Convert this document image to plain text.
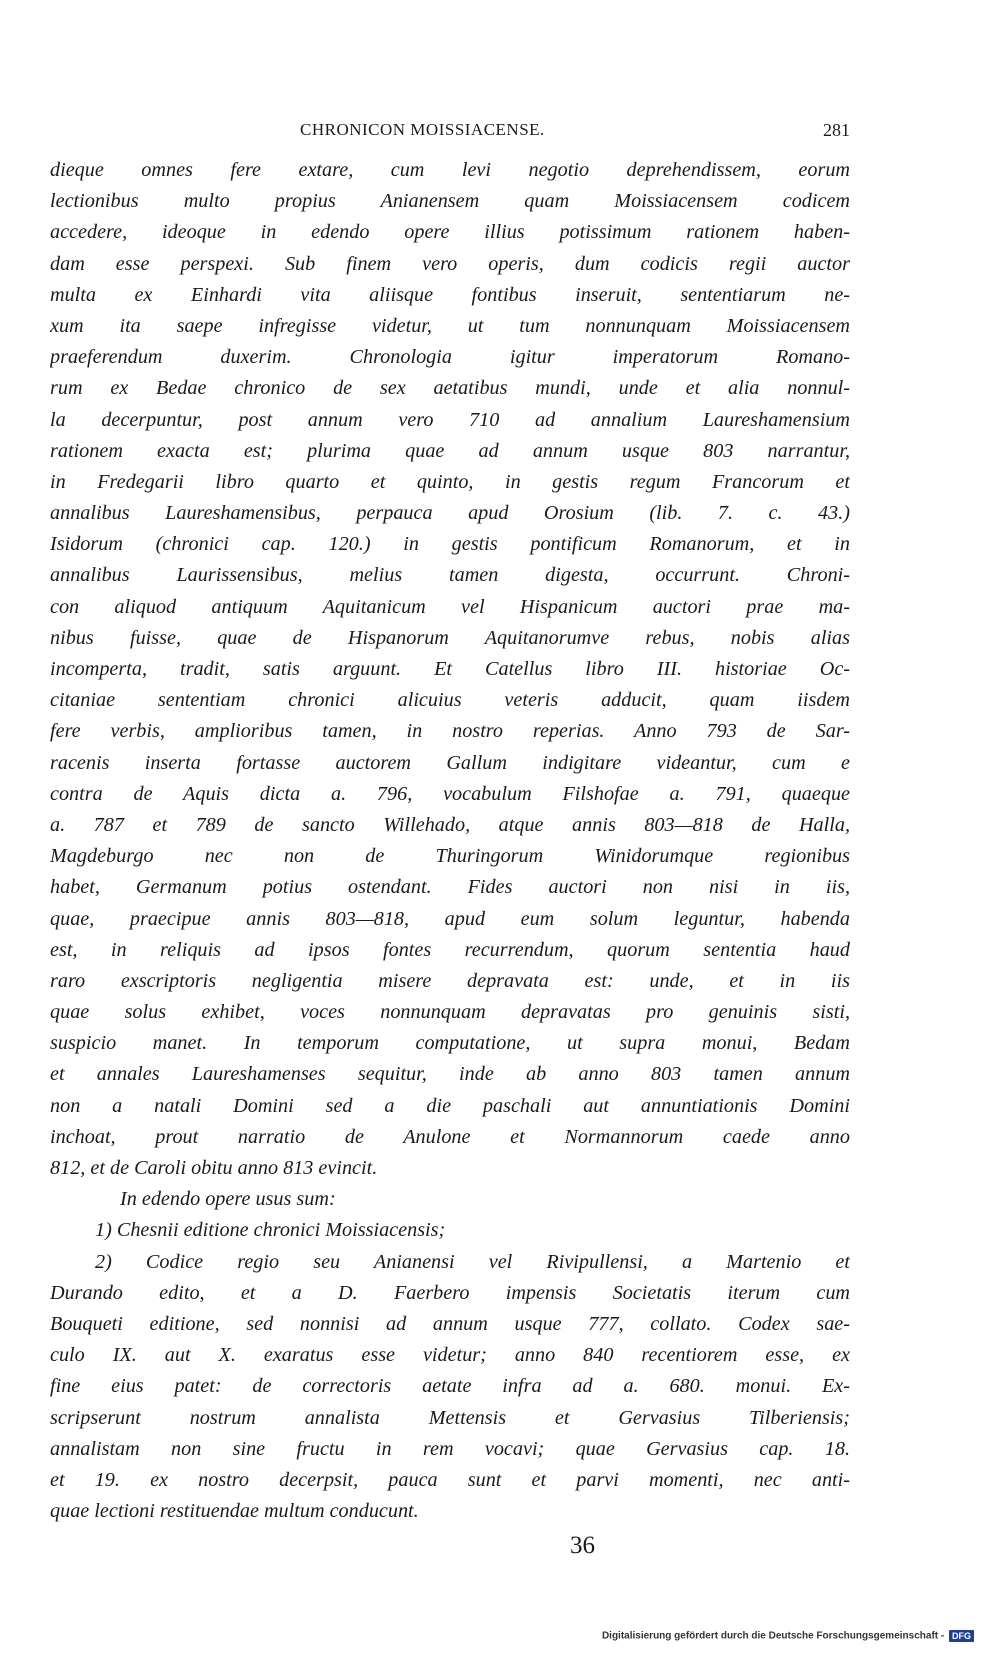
CHRONICON MOISSIACENSE.	281
dieque omnes fere extare, cum levi negotio deprehendissem, eorum
lectionibus multo propius Anianensem quam Moissiacensem codicem
accedere, ideoque in edendo opere illius potissimum rationem haben-
dam esse perspexi. Sub finem vero operis, dum codicis regii auctor
multa ex Einhardi vita aliisque fontibus inseruit, sententiarum ne-
xum ita saepe infregisse videtur, ut tum nonnunquam Moissiacensem
praeferendum duxerim. Chronologia igitur imperatorum Romano-
rum ex Bedae chronico de sex aetatibus mundi, unde et alia nonnul-
la decerpuntur, post annum vero 710 ad annalium Laureshamensium
rationem exacta est; plurima quae ad annum usque 803 narrantur,
in Fredegarii libro quarto et quinto, in gestis regum Francorum et
annalibus Laureshamensibus, perpauca apud Orosium (lib. 7. c. 43.)
Isidorum (chronici cap. 120.) in gestis pontificum Romanorum, et in
annalibus Laurissensibus, melius tamen digesta, occurrunt. Chroni-
con aliquod antiquum Aquitanicum vel Hispanicum auctori prae ma-
nibus fuisse, quae de Hispanorum Aquitanorumve rebus, nobis alias
incomperta, tradit, satis arguunt. Et Catellus libro III. historiae Oc-
citaniae sententiam chronici alicuius veteris adducit, quam iisdem
fere verbis, amplioribus tamen, in nostro reperias. Anno 793 de Sar-
racenis inserta fortasse auctorem Gallum indigitare videantur, cum e
contra de Aquis dicta a. 796, vocabulum Filshofae a. 791, quaeque
a. 787 et 789 de sancto Willehado, atque annis 803—818 de Halla,
Magdeburgo nec non de Thuringorum Winidorumque regionibus
habet, Germanum potius ostendant. Fides auctori non nisi in iis,
quae, praecipue annis 803—818, apud eum solum leguntur, habenda
est, in reliquis ad ipsos fontes recurrendum, quorum sententia haud
raro exscriptoris negligentia misere depravata est: unde, et in iis
quae solus exhibet, voces nonnunquam depravatas pro genuinis sisti,
suspicio manet. In temporum computatione, ut supra monui, Bedam
et annales Laureshamenses sequitur, inde ab anno 803 tamen annum
non a natali Domini sed a die paschali aut annuntiationis Domini
inchoat, prout narratio de Anulone et Normannorum caede anno
812, et de Caroli obitu anno 813 evincit.
In edendo opere usus sum:
1) Chesnii editione chronici Moissiacensis;
2) Codice regio seu Anianensi vel Rivipullensi, a Martenio et
Durando edito, et a D. Faerbero impensis Societatis iterum cum
Bouqueti editione, sed nonnisi ad annum usque 777, collato. Codex sae-
culo IX. aut X. exaratus esse videtur; anno 840 recentiorem esse, ex
fine eius patet: de correctoris aetate infra ad a. 680. monui. Ex-
scripserunt nostrum annalista Mettensis et Gervasius Tilberiensis;
annalistam non sine fructu in rem vocavi; quae Gervasius cap. 18.
et 19. ex nostro decerpsit, pauca sunt et parvi momenti, nec anti-
quae lectioni restituendae multum conducunt.
36
Digitalisierung gefördert durch die Deutsche Forschungsgemeinschaft - DFG
